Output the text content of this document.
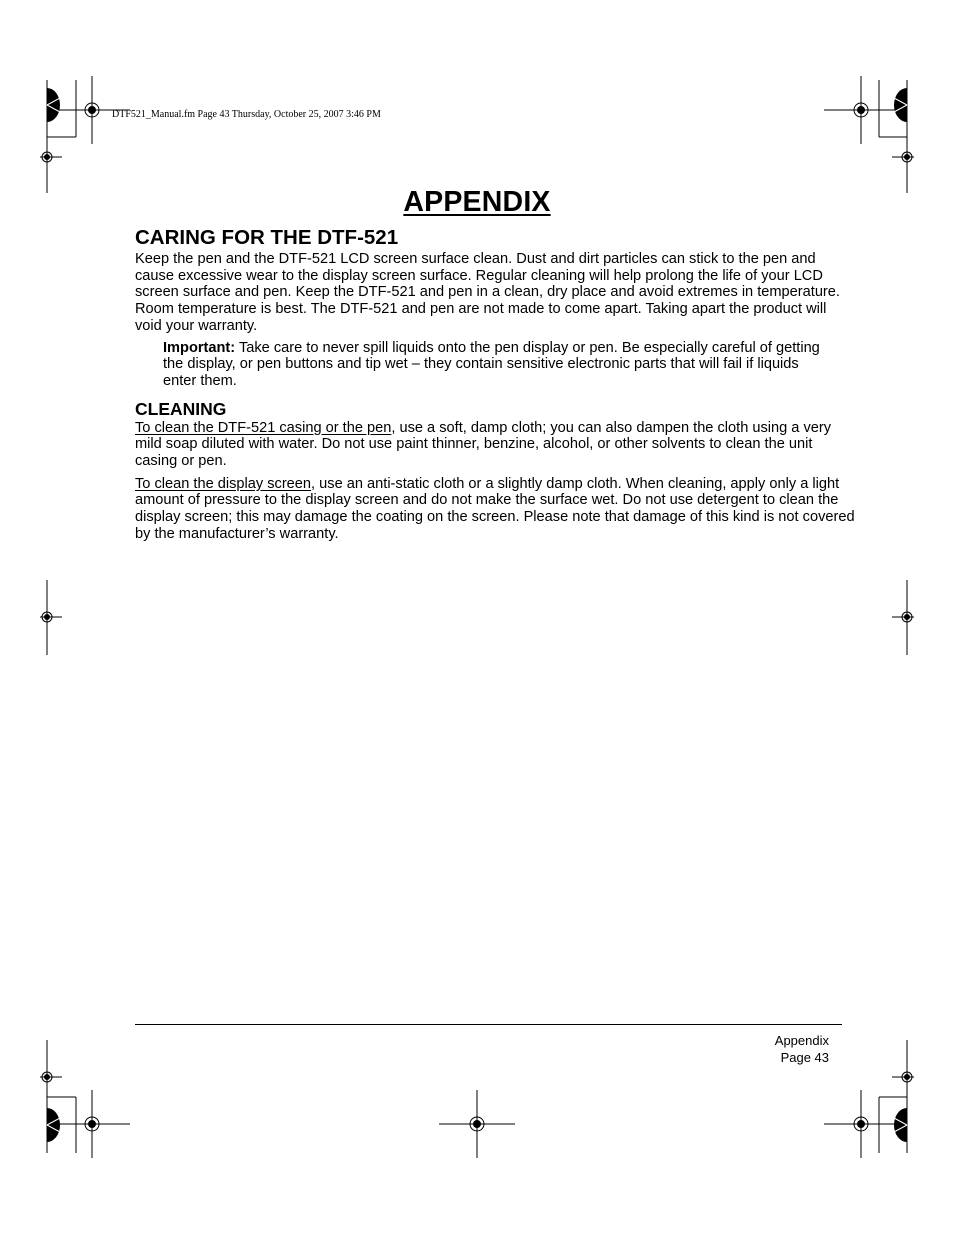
DTF521_Manual.fm Page 43 Thursday, October 25, 2007 3:46 PM
APPENDIX
CARING FOR THE DTF-521

Keep the pen and the DTF-521 LCD screen surface clean. Dust and dirt particles can stick to the pen and cause excessive wear to the display screen surface. Regular cleaning will help prolong the life of your LCD screen surface and pen. Keep the DTF-521 and pen in a clean, dry place and avoid extremes in temperature. Room temperature is best. The DTF-521 and pen are not made to come apart. Taking apart the product will void your warranty.

Important: Take care to never spill liquids onto the pen display or pen. Be especially careful of getting the display, or pen buttons and tip wet – they contain sensitive electronic parts that will fail if liquids enter them.

CLEANING

To clean the DTF-521 casing or the pen, use a soft, damp cloth; you can also dampen the cloth using a very mild soap diluted with water. Do not use paint thinner, benzine, alcohol, or other solvents to clean the unit casing or pen.

To clean the display screen, use an anti-static cloth or a slightly damp cloth. When cleaning, apply only a light amount of pressure to the display screen and do not make the surface wet. Do not use detergent to clean the display screen; this may damage the coating on the screen. Please note that damage of this kind is not covered by the manufacturer’s warranty.

Appendix
Page 43
